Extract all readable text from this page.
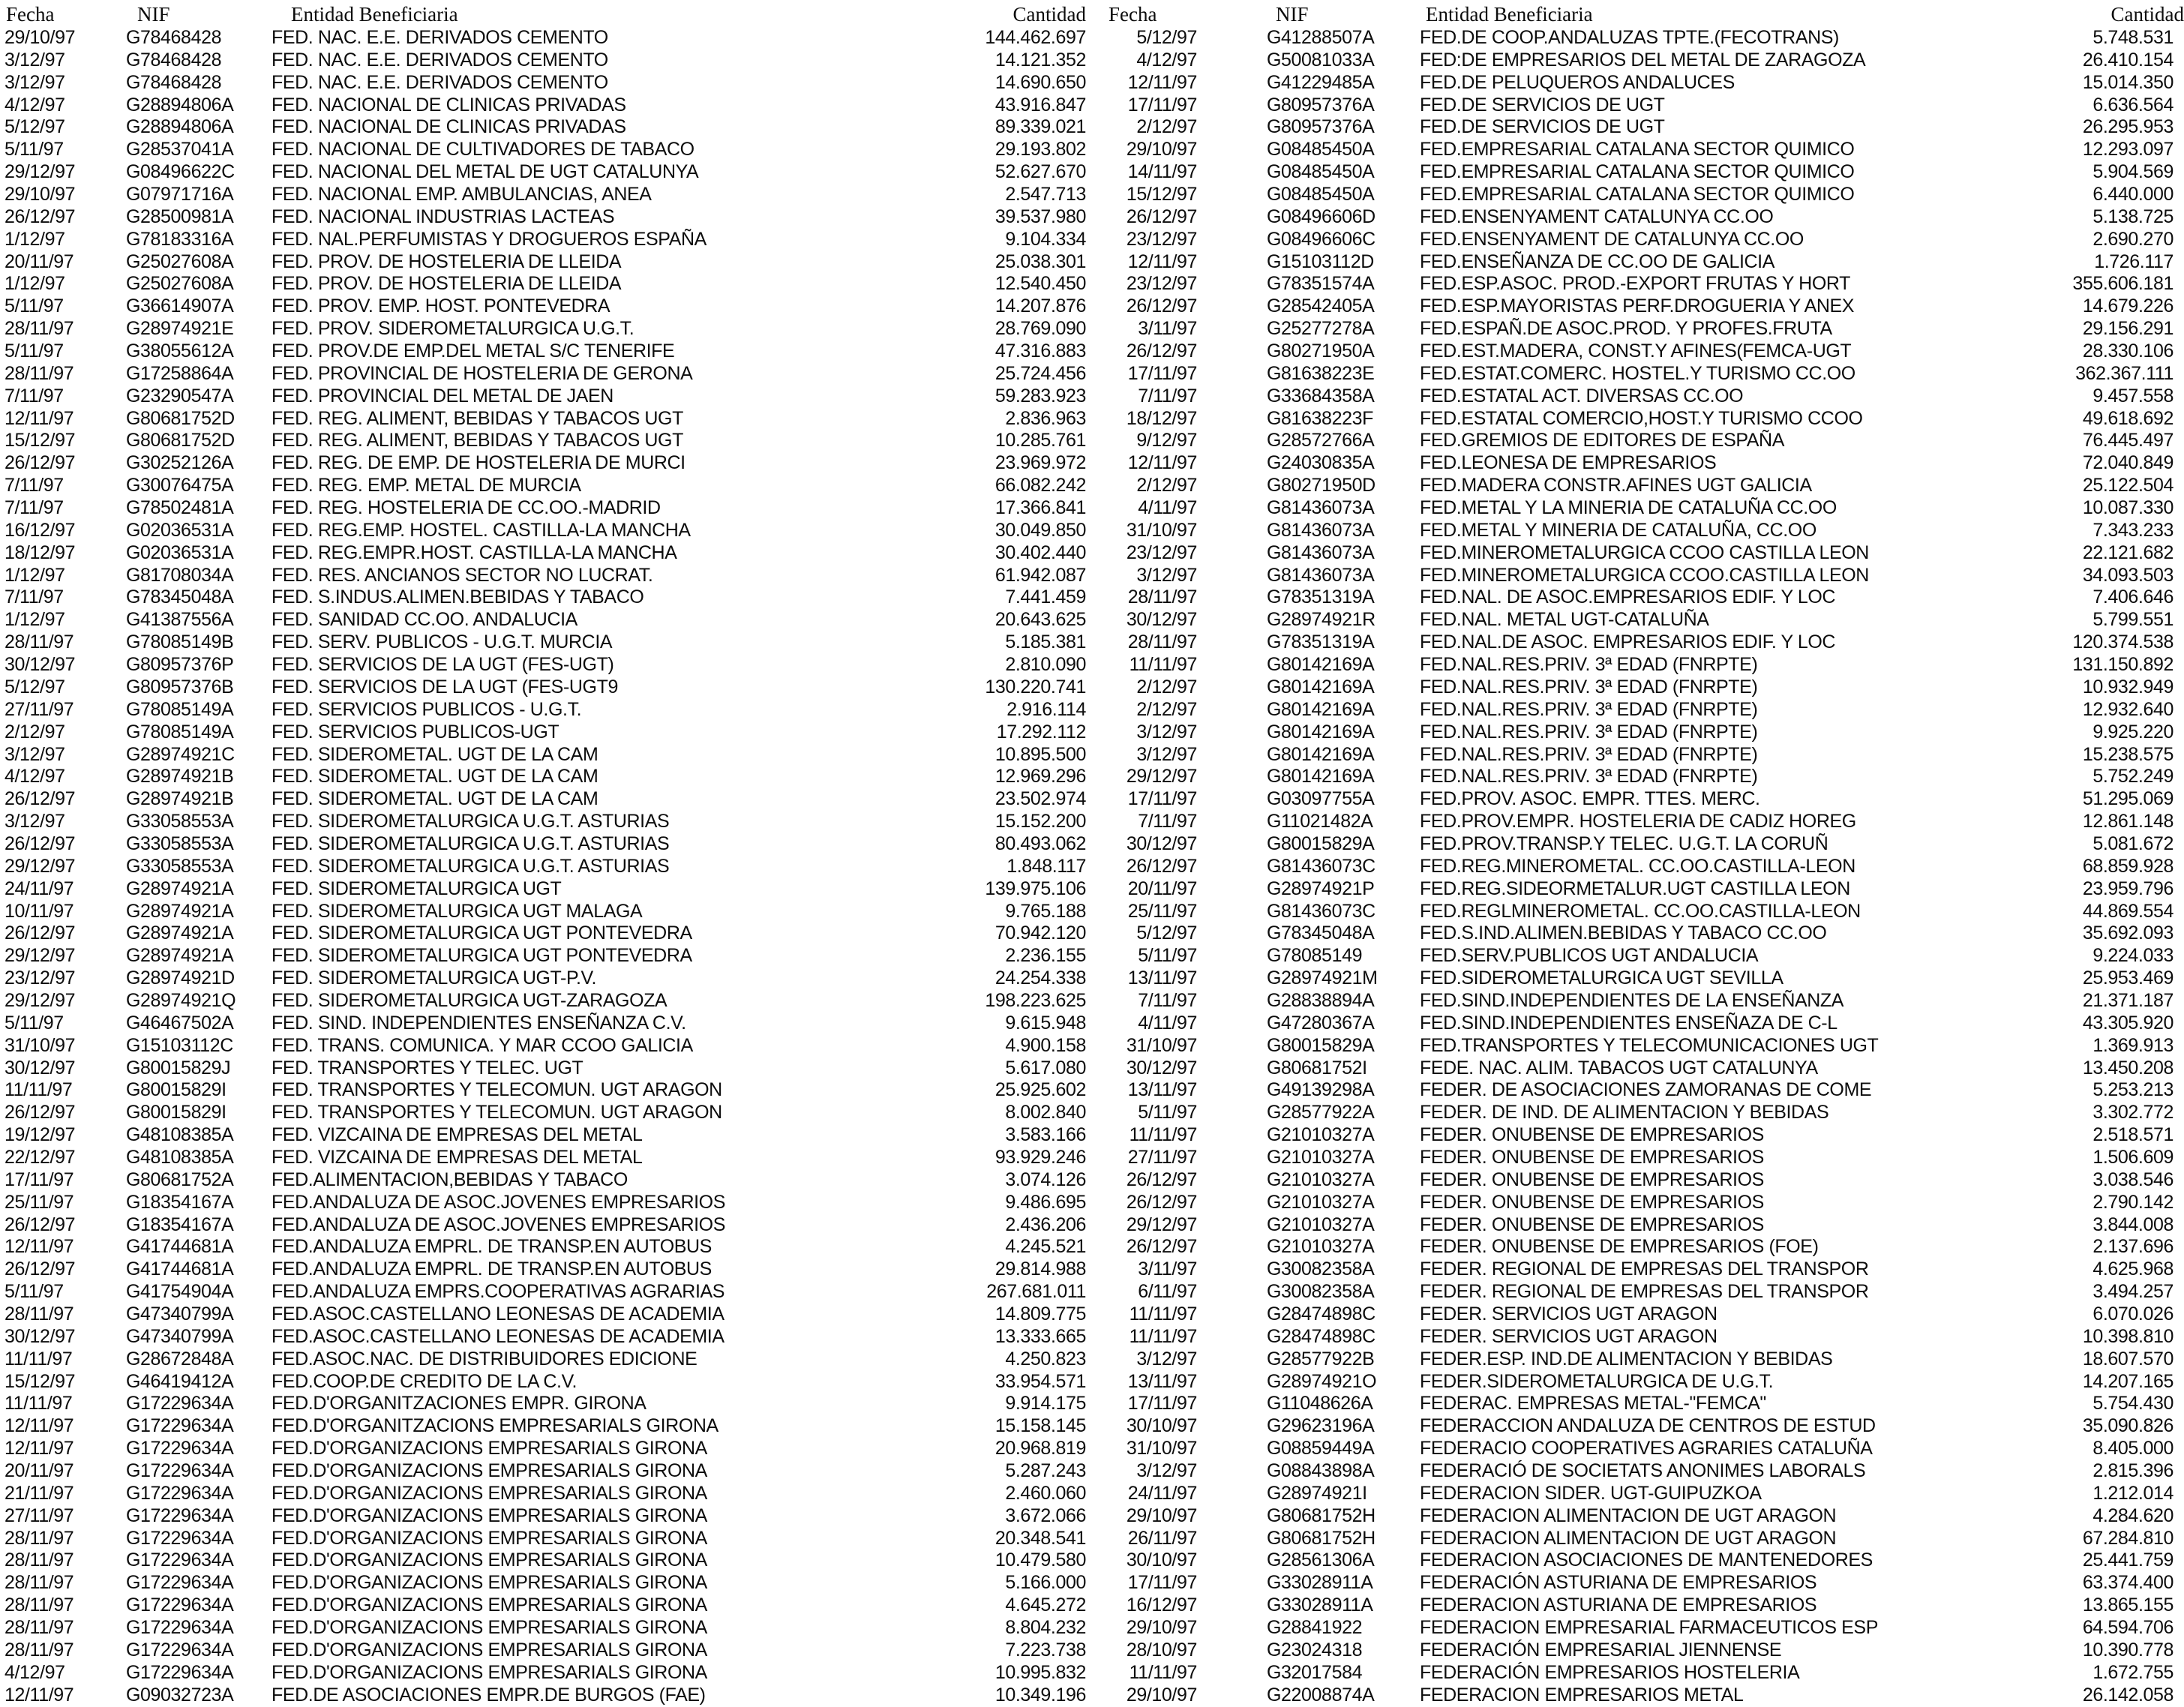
Fecha	NIF	Entidad Beneficiaria	Cantidad
29/10/97	G78468428	FED. NAC. E.E. DERIVADOS CEMENTO	144.462.697
3/12/97	G78468428	FED. NAC. E.E. DERIVADOS CEMENTO	14.121.352
3/12/97	G78468428	FED. NAC. E.E. DERIVADOS CEMENTO	14.690.650
4/12/97	G28894806A	FED. NACIONAL DE CLINICAS PRIVADAS	43.916.847
5/12/97	G28894806A	FED. NACIONAL DE CLINICAS PRIVADAS	89.339.021
5/11/97	G28537041A	FED. NACIONAL DE CULTIVADORES DE TABACO	29.193.802
29/12/97	G08496622C	FED. NACIONAL DEL METAL DE UGT CATALUNYA	52.627.670
29/10/97	G07971716A	FED. NACIONAL EMP. AMBULANCIAS, ANEA	2.547.713
26/12/97	G28500981A	FED. NACIONAL INDUSTRIAS LACTEAS	39.537.980
1/12/97	G78183316A	FED. NAL.PERFUMISTAS Y DROGUEROS ESPAÑA	9.104.334
20/11/97	G25027608A	FED. PROV. DE HOSTELERIA DE LLEIDA	25.038.301
1/12/97	G25027608A	FED. PROV. DE HOSTELERIA DE LLEIDA	12.540.450
5/11/97	G36614907A	FED. PROV. EMP. HOST. PONTEVEDRA	14.207.876
28/11/97	G28974921E	FED. PROV. SIDEROMETALURGICA U.G.T.	28.769.090
5/11/97	G38055612A	FED. PROV.DE EMP.DEL METAL S/C TENERIFE	47.316.883
28/11/97	G17258864A	FED. PROVINCIAL DE HOSTELERIA DE GERONA	25.724.456
7/11/97	G23290547A	FED. PROVINCIAL DEL METAL DE JAEN	59.283.923
12/11/97	G80681752D	FED. REG. ALIMENT, BEBIDAS Y TABACOS UGT	2.836.963
15/12/97	G80681752D	FED. REG. ALIMENT, BEBIDAS Y TABACOS UGT	10.285.761
26/12/97	G30252126A	FED. REG. DE EMP. DE HOSTELERIA DE MURCI	23.969.972
7/11/97	G30076475A	FED. REG. EMP. METAL DE MURCIA	66.082.242
7/11/97	G78502481A	FED. REG. HOSTELERIA DE CC.OO.-MADRID	17.366.841
16/12/97	G02036531A	FED. REG.EMP. HOSTEL. CASTILLA-LA MANCHA	30.049.850
18/12/97	G02036531A	FED. REG.EMPR.HOST. CASTILLA-LA MANCHA	30.402.440
1/12/97	G81708034A	FED. RES. ANCIANOS SECTOR NO LUCRAT.	61.942.087
7/11/97	G78345048A	FED. S.INDUS.ALIMEN.BEBIDAS Y TABACO	7.441.459
1/12/97	G41387556A	FED. SANIDAD CC.OO. ANDALUCIA	20.643.625
28/11/97	G78085149B	FED. SERV. PUBLICOS - U.G.T. MURCIA	5.185.381
30/12/97	G80957376P	FED. SERVICIOS DE LA UGT (FES-UGT)	2.810.090
5/12/97	G80957376B	FED. SERVICIOS DE LA UGT (FES-UGT9	130.220.741
27/11/97	G78085149A	FED. SERVICIOS PUBLICOS - U.G.T.	2.916.114
2/12/97	G78085149A	FED. SERVICIOS PUBLICOS-UGT	17.292.112
3/12/97	G28974921C	FED. SIDEROMETAL. UGT DE LA CAM	10.895.500
4/12/97	G28974921B	FED. SIDEROMETAL. UGT DE LA CAM	12.969.296
26/12/97	G28974921B	FED. SIDEROMETAL. UGT DE LA CAM	23.502.974
3/12/97	G33058553A	FED. SIDEROMETALURGICA U.G.T. ASTURIAS	15.152.200
26/12/97	G33058553A	FED. SIDEROMETALURGICA U.G.T. ASTURIAS	80.493.062
29/12/97	G33058553A	FED. SIDEROMETALURGICA U.G.T. ASTURIAS	1.848.117
24/11/97	G28974921A	FED. SIDEROMETALURGICA UGT	139.975.106
10/11/97	G28974921A	FED. SIDEROMETALURGICA UGT MALAGA	9.765.188
26/12/97	G28974921A	FED. SIDEROMETALURGICA UGT PONTEVEDRA	70.942.120
29/12/97	G28974921A	FED. SIDEROMETALURGICA UGT PONTEVEDRA	2.236.155
23/12/97	G28974921D	FED. SIDEROMETALURGICA UGT-P.V.	24.254.338
29/12/97	G28974921Q	FED. SIDEROMETALURGICA UGT-ZARAGOZA	198.223.625
5/11/97	G46467502A	FED. SIND. INDEPENDIENTES ENSEÑANZA C.V.	9.615.948
31/10/97	G15103112C	FED. TRANS. COMUNICA. Y MAR CCOO GALICIA	4.900.158
30/12/97	G80015829J	FED. TRANSPORTES Y TELEC. UGT	5.617.080
11/11/97	G80015829I	FED. TRANSPORTES Y TELECOMUN. UGT ARAGON	25.925.602
26/12/97	G80015829I	FED. TRANSPORTES Y TELECOMUN. UGT ARAGON	8.002.840
19/12/97	G48108385A	FED. VIZCAINA DE EMPRESAS DEL METAL	3.583.166
22/12/97	G48108385A	FED. VIZCAINA DE EMPRESAS DEL METAL	93.929.246
17/11/97	G80681752A	FED.ALIMENTACION,BEBIDAS Y TABACO	3.074.126
25/11/97	G18354167A	FED.ANDALUZA DE ASOC.JOVENES EMPRESARIOS	9.486.695
26/12/97	G18354167A	FED.ANDALUZA DE ASOC.JOVENES EMPRESARIOS	2.436.206
12/11/97	G41744681A	FED.ANDALUZA EMPRL. DE TRANSP.EN AUTOBUS	4.245.521
26/12/97	G41744681A	FED.ANDALUZA EMPRL. DE TRANSP.EN AUTOBUS	29.814.988
5/11/97	G41754904A	FED.ANDALUZA EMPRS.COOPERATIVAS AGRARIAS	267.681.011
28/11/97	G47340799A	FED.ASOC.CASTELLANO LEONESAS DE ACADEMIA	14.809.775
30/12/97	G47340799A	FED.ASOC.CASTELLANO LEONESAS DE ACADEMIA	13.333.665
11/11/97	G28672848A	FED.ASOC.NAC. DE DISTRIBUIDORES EDICIONE	4.250.823
15/12/97	G46419412A	FED.COOP.DE CREDITO DE LA C.V.	33.954.571
11/11/97	G17229634A	FED.D'ORGANITZACIONES EMPR. GIRONA	9.914.175
12/11/97	G17229634A	FED.D'ORGANITZACIONS EMPRESARIALS GIRONA	15.158.145
12/11/97	G17229634A	FED.D'ORGANIZACIONS EMPRESARIALS GIRONA	20.968.819
20/11/97	G17229634A	FED.D'ORGANIZACIONS EMPRESARIALS GIRONA	5.287.243
21/11/97	G17229634A	FED.D'ORGANIZACIONS EMPRESARIALS GIRONA	2.460.060
27/11/97	G17229634A	FED.D'ORGANIZACIONS EMPRESARIALS GIRONA	3.672.066
28/11/97	G17229634A	FED.D'ORGANIZACIONS EMPRESARIALS GIRONA	20.348.541
28/11/97	G17229634A	FED.D'ORGANIZACIONS EMPRESARIALS GIRONA	10.479.580
28/11/97	G17229634A	FED.D'ORGANIZACIONS EMPRESARIALS GIRONA	5.166.000
28/11/97	G17229634A	FED.D'ORGANIZACIONS EMPRESARIALS GIRONA	4.645.272
28/11/97	G17229634A	FED.D'ORGANIZACIONS EMPRESARIALS GIRONA	8.804.232
28/11/97	G17229634A	FED.D'ORGANIZACIONS EMPRESARIALS GIRONA	7.223.738
4/12/97	G17229634A	FED.D'ORGANIZACIONS EMPRESARIALS GIRONA	10.995.832
12/11/97	G09032723A	FED.DE ASOCIACIONES EMPR.DE BURGOS (FAE)	10.349.196
Fecha	NIF	Entidad Beneficiaria	Cantidad
5/12/97	G41288507A	FED.DE COOP.ANDALUZAS TPTE.(FECOTRANS)	5.748.531
4/12/97	G50081033A	FED:DE EMPRESARIOS DEL METAL DE ZARAGOZA	26.410.154
12/11/97	G41229485A	FED.DE PELUQUEROS ANDALUCES	15.014.350
17/11/97	G80957376A	FED.DE SERVICIOS DE UGT	6.636.564
2/12/97	G80957376A	FED.DE SERVICIOS DE UGT	26.295.953
29/10/97	G08485450A	FED.EMPRESARIAL CATALANA SECTOR QUIMICO	12.293.097
14/11/97	G08485450A	FED.EMPRESARIAL CATALANA SECTOR QUIMICO	5.904.569
15/12/97	G08485450A	FED.EMPRESARIAL CATALANA SECTOR QUIMICO	6.440.000
26/12/97	G08496606D	FED.ENSENYAMENT CATALUNYA CC.OO	5.138.725
23/12/97	G08496606C	FED.ENSENYAMENT DE CATALUNYA CC.OO	2.690.270
12/11/97	G15103112D	FED.ENSEÑANZA DE CC.OO DE GALICIA	1.726.117
23/12/97	G78351574A	FED.ESP.ASOC. PROD.-EXPORT FRUTAS Y HORT	355.606.181
26/12/97	G28542405A	FED.ESP.MAYORISTAS PERF.DROGUERIA Y ANEX	14.679.226
3/11/97	G25277278A	FED.ESPAÑ.DE ASOC.PROD. Y PROFES.FRUTA	29.156.291
26/12/97	G80271950A	FED.EST.MADERA, CONST.Y AFINES(FEMCA-UGT	28.330.106
17/11/97	G81638223E	FED.ESTAT.COMERC. HOSTEL.Y TURISMO CC.OO	362.367.111
7/11/97	G33684358A	FED.ESTATAL ACT. DIVERSAS CC.OO	9.457.558
18/12/97	G81638223F	FED.ESTATAL COMERCIO,HOST.Y TURISMO CCOO	49.618.692
9/12/97	G28572766A	FED.GREMIOS DE EDITORES DE ESPAÑA	76.445.497
12/11/97	G24030835A	FED.LEONESA DE EMPRESARIOS	72.040.849
2/12/97	G80271950D	FED.MADERA CONSTR.AFINES UGT GALICIA	25.122.504
4/11/97	G81436073A	FED.METAL Y LA MINERIA DE CATALUÑA CC.OO	10.087.330
31/10/97	G81436073A	FED.METAL Y MINERIA DE CATALUÑA, CC.OO	7.343.233
23/12/97	G81436073A	FED.MINEROMETALURGICA CCOO CASTILLA LEON	22.121.682
3/12/97	G81436073A	FED.MINEROMETALURGICA CCOO.CASTILLA LEON	34.093.503
28/11/97	G78351319A	FED.NAL. DE ASOC.EMPRESARIOS EDIF. Y LOC	7.406.646
30/12/97	G28974921R	FED.NAL. METAL UGT-CATALUÑA	5.799.551
28/11/97	G78351319A	FED.NAL.DE ASOC. EMPRESARIOS EDIF. Y LOC	120.374.538
11/11/97	G80142169A	FED.NAL.RES.PRIV. 3ª EDAD (FNRPTE)	131.150.892
2/12/97	G80142169A	FED.NAL.RES.PRIV. 3ª EDAD (FNRPTE)	10.932.949
2/12/97	G80142169A	FED.NAL.RES.PRIV. 3ª EDAD (FNRPTE)	12.932.640
3/12/97	G80142169A	FED.NAL.RES.PRIV. 3ª EDAD (FNRPTE)	9.925.220
3/12/97	G80142169A	FED.NAL.RES.PRIV. 3ª EDAD (FNRPTE)	15.238.575
29/12/97	G80142169A	FED.NAL.RES.PRIV. 3ª EDAD (FNRPTE)	5.752.249
17/11/97	G03097755A	FED.PROV. ASOC. EMPR. TTES. MERC.	51.295.069
7/11/97	G11021482A	FED.PROV.EMPR. HOSTELERIA DE CADIZ HOREG	12.861.148
30/12/97	G80015829A	FED.PROV.TRANSP.Y TELEC. U.G.T. LA CORUÑ	5.081.672
26/12/97	G81436073C	FED.REG.MINEROMETAL. CC.OO.CASTILLA-LEON	68.859.928
20/11/97	G28974921P	FED.REG.SIDEORMETALUR.UGT CASTILLA LEON	23.959.796
25/11/97	G81436073C	FED.REGLMINEROMETAL. CC.OO.CASTILLA-LEON	44.869.554
5/12/97	G78345048A	FED.S.IND.ALIMEN.BEBIDAS Y TABACO CC.OO	35.692.093
5/11/97	G78085149	FED.SERV.PUBLICOS UGT ANDALUCIA	9.224.033
13/11/97	G28974921M	FED.SIDEROMETALURGICA UGT SEVILLA	25.953.469
7/11/97	G28838894A	FED.SIND.INDEPENDIENTES DE LA ENSEÑANZA	21.371.187
4/11/97	G47280367A	FED.SIND.INDEPENDIENTES ENSEÑAZA DE C-L	43.305.920
31/10/97	G80015829A	FED.TRANSPORTES Y TELECOMUNICACIONES UGT	1.369.913
30/12/97	G80681752I	FEDE. NAC. ALIM. TABACOS UGT CATALUNYA	13.450.208
13/11/97	G49139298A	FEDER. DE ASOCIACIONES ZAMORANAS DE COME	5.253.213
5/11/97	G28577922A	FEDER. DE IND. DE ALIMENTACION Y BEBIDAS	3.302.772
11/11/97	G21010327A	FEDER. ONUBENSE DE EMPRESARIOS	2.518.571
27/11/97	G21010327A	FEDER. ONUBENSE DE EMPRESARIOS	1.506.609
26/12/97	G21010327A	FEDER. ONUBENSE DE EMPRESARIOS	3.038.546
26/12/97	G21010327A	FEDER. ONUBENSE DE EMPRESARIOS	2.790.142
29/12/97	G21010327A	FEDER. ONUBENSE DE EMPRESARIOS	3.844.008
26/12/97	G21010327A	FEDER. ONUBENSE DE EMPRESARIOS (FOE)	2.137.696
3/11/97	G30082358A	FEDER. REGIONAL DE EMPRESAS DEL TRANSPOR	4.625.968
6/11/97	G30082358A	FEDER. REGIONAL DE EMPRESAS DEL TRANSPOR	3.494.257
11/11/97	G28474898C	FEDER. SERVICIOS UGT ARAGON	6.070.026
11/11/97	G28474898C	FEDER. SERVICIOS UGT ARAGON	10.398.810
3/12/97	G28577922B	FEDER.ESP. IND.DE ALIMENTACION Y BEBIDAS	18.607.570
13/11/97	G28974921O	FEDER.SIDEROMETALURGICA DE U.G.T.	14.207.165
17/11/97	G11048626A	FEDERAC. EMPRESAS METAL-"FEMCA"	5.754.430
30/10/97	G29623196A	FEDERACCION ANDALUZA DE CENTROS DE ESTUD	35.090.826
31/10/97	G08859449A	FEDERACIO COOPERATIVES AGRARIES CATALUÑA	8.405.000
3/12/97	G08843898A	FEDERACIÓ DE SOCIETATS ANONIMES LABORALS	2.815.396
24/11/97	G28974921I	FEDERACION SIDER. UGT-GUIPUZKOA	1.212.014
29/10/97	G80681752H	FEDERACION ALIMENTACION DE UGT ARAGON	4.284.620
26/11/97	G80681752H	FEDERACION ALIMENTACION DE UGT ARAGON	67.284.810
30/10/97	G28561306A	FEDERACION ASOCIACIONES DE MANTENEDORES	25.441.759
17/11/97	G33028911A	FEDERACIÓN ASTURIANA DE EMPRESARIOS	63.374.400
16/12/97	G33028911A	FEDERACION ASTURIANA DE EMPRESARIOS	13.865.155
29/10/97	G28841922	FEDERACION EMPRESARIAL FARMACEUTICOS ESP	64.594.706
28/10/97	G23024318	FEDERACIÓN EMPRESARIAL JIENNENSE	10.390.778
11/11/97	G32017584	FEDERACIÓN EMPRESARIOS HOSTELERIA	1.672.755
29/10/97	G22008874A	FEDERACION EMPRESARIOS METAL	26.142.058
